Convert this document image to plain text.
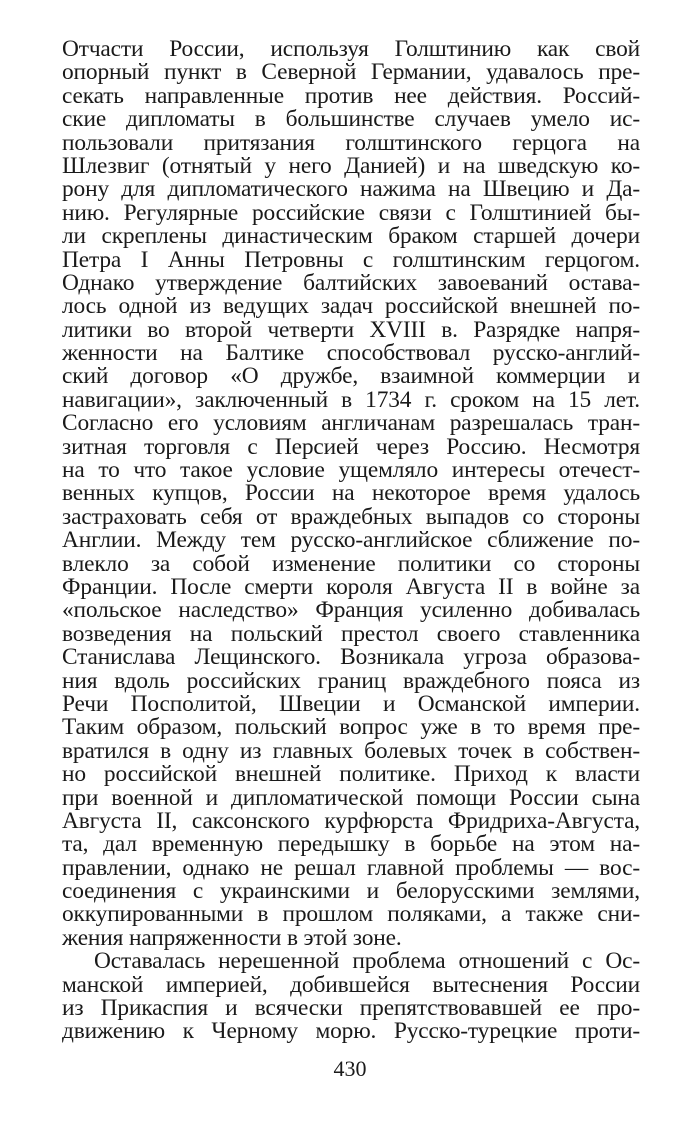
Отчасти России, используя Голштинию как свой
опорный пункт в Северной Германии, удавалось пре-
секать направленные против нее действия. Россий-
ские дипломаты в большинстве случаев умело ис-
пользовали притязания голштинского герцога на
Шлезвиг (отнятый у него Данией) и на шведскую ко-
рону для дипломатического нажима на Швецию и Да-
нию. Регулярные российские связи с Голштинией бы-
ли скреплены династическим браком старшей дочери
Петра I Анны Петровны с голштинским герцогом.
Однако утверждение балтийских завоеваний остава-
лось одной из ведущих задач российской внешней по-
литики во второй четверти XVIII в. Разрядке напря-
женности на Балтике способствовал русско-англий-
ский договор «О дружбе, взаимной коммерции и
навигации», заключенный в 1734 г. сроком на 15 лет.
Согласно его условиям англичанам разрешалась тран-
зитная торговля с Персией через Россию. Несмотря
на то что такое условие ущемляло интересы отечест-
венных купцов, России на некоторое время удалось
застраховать себя от враждебных выпадов со стороны
Англии. Между тем русско-английское сближение по-
влекло за собой изменение политики со стороны
Франции. После смерти короля Августа II в войне за
«польское наследство» Франция усиленно добивалась
возведения на польский престол своего ставленника
Станислава Лещинского. Возникала угроза образова-
ния вдоль российских границ враждебного пояса из
Речи Посполитой, Швеции и Османской империи.
Таким образом, польский вопрос уже в то время пре-
вратился в одну из главных болевых точек в собствен-
но российской внешней политике. Приход к власти
при военной и дипломатической помощи России сына
Августа II, саксонского курфюрста Фридриха-Августа,
та, дал временную передышку в борьбе на этом на-
правлении, однако не решал главной проблемы — вос-
соединения с украинскими и белорусскими землями,
оккупированными в прошлом поляками, а также сни-
жения напряженности в этой зоне.
Оставалась нерешенной проблема отношений с Ос-
манской империей, добившейся вытеснения России
из Прикаспия и всячески препятствовавшей ее про-
движению к Черному морю. Русско-турецкие проти-
430
